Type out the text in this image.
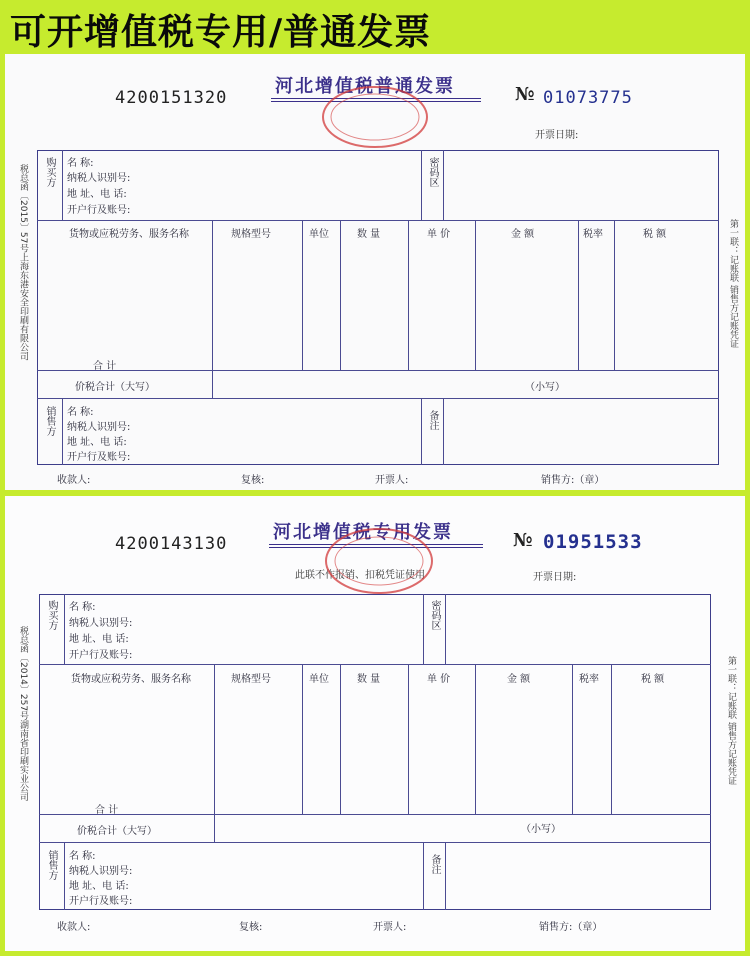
可开增值税专用/普通发票
4200151320
河北增值税普通发票	№ 01073775
开票日期:
税总函〔2015〕57号上海东港安全印刷有限公司	第一联：记账联 销售方记账凭证
购买方 名 称:
纳税人识别号:
地 址、电 话:
开户行及账号:
密码区
货物或应税劳务、服务名称	规格型号	单位	数 量	单 价	金 额	税率	税 额
合 计
价税合计（大写）	（小写）
销售方 名 称:
纳税人识别号:
地 址、电 话:
开户行及账号:
备注
收款人:	复核:	开票人:	销售方:（章）
4200143130
河北增值税专用发票	№ 01951533
此联不作报销、扣税凭证使用	开票日期:
税总函〔2014〕257号湖南省印刷实业公司	第一联：记账联 销售方记账凭证
购买方 名 称:
纳税人识别号:
地 址、电 话:
开户行及账号:
密码区
货物或应税劳务、服务名称	规格型号	单位	数 量	单 价	金 额	税率	税 额
合 计
价税合计（大写）	（小写）
销售方 名 称:
纳税人识别号:
地 址、电 话:
开户行及账号:
备注
收款人:	复核:	开票人:	销售方:（章）
